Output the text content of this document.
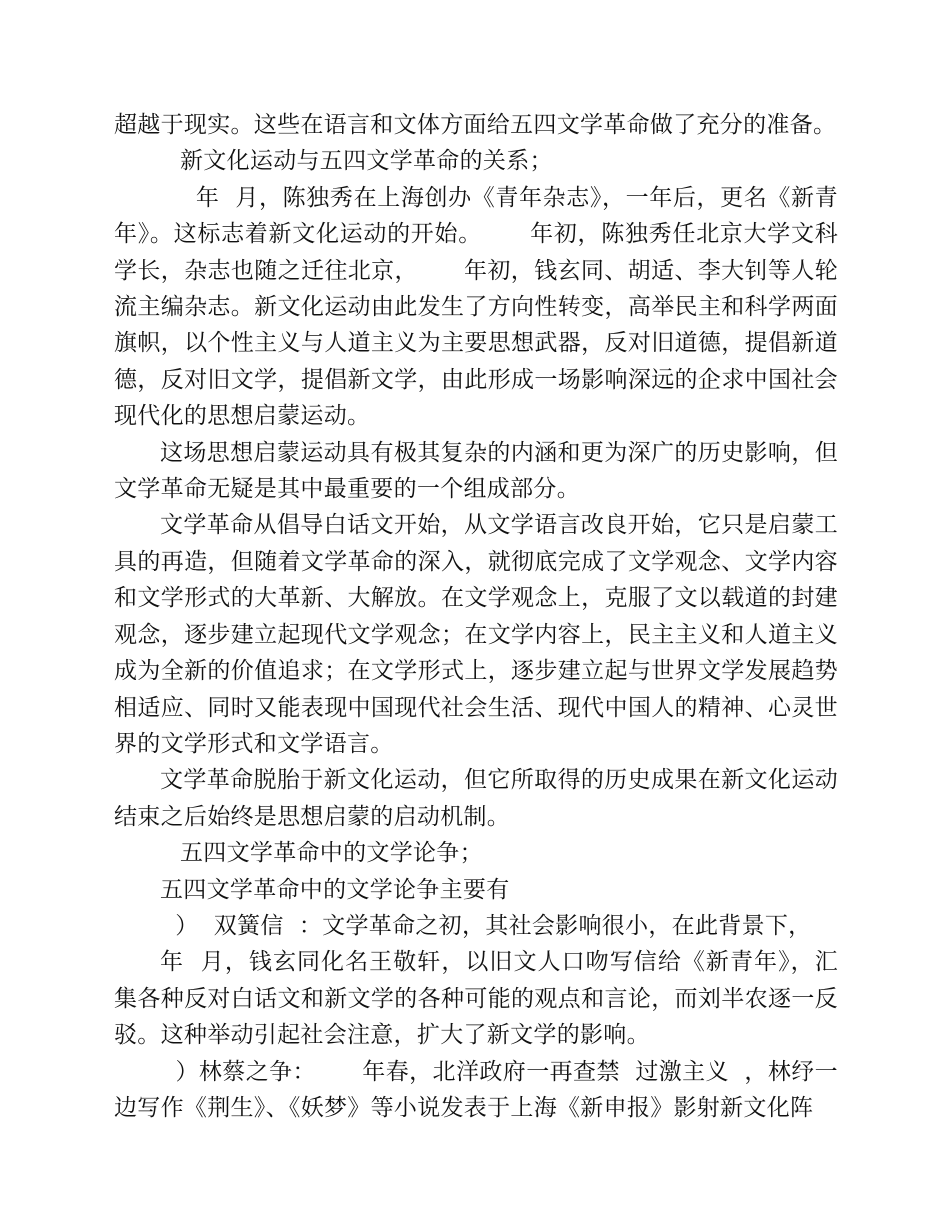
超越于现实。这些在语言和文体方面给五四文学革命做了充分的准备。

新文化运动与五四文学革命的关系；

年  月，陈独秀在上海创办《青年杂志》，一年后，更名《新青年》。这标志着新文化运动的开始。      年初，陈独秀任北京大学文科学长，杂志也随之迁往北京，      年初，钱玄同、胡适、李大钊等人轮流主编杂志。新文化运动由此发生了方向性转变，高举民主和科学两面旗帜，以个性主义与人道主义为主要思想武器，反对旧道德，提倡新道德，反对旧文学，提倡新文学，由此形成一场影响深远的企求中国社会现代化的思想启蒙运动。

这场思想启蒙运动具有极其复杂的内涵和更为深广的历史影响，但文学革命无疑是其中最重要的一个组成部分。

文学革命从倡导白话文开始，从文学语言改良开始，它只是启蒙工具的再造，但随着文学革命的深入，就彻底完成了文学观念、文学内容和文学形式的大革新、大解放。在文学观念上，克服了文以载道的封建观念，逐步建立起现代文学观念；在文学内容上，民主主义和人道主义成为全新的价值追求；在文学形式上，逐步建立起与世界文学发展趋势相适应、同时又能表现中国现代社会生活、现代中国人的精神、心灵世界的文学形式和文学语言。

文学革命脱胎于新文化运动，但它所取得的历史成果在新文化运动结束之后始终是思想启蒙的启动机制。

五四文学革命中的文学论争；

五四文学革命中的文学论争主要有

）  双簧信  ：文学革命之初，其社会影响很小，在此背景下，

年  月，钱玄同化名王敬轩，以旧文人口吻写信给《新青年》，汇集各种反对白话文和新文学的各种可能的观点和言论，而刘半农逐一反驳。这种举动引起社会注意，扩大了新文学的影响。

）林蔡之争：      年春，北洋政府一再查禁  过激主义  ，林纾一边写作《荆生》、《妖梦》等小说发表于上海《新申报》影射新文化阵
